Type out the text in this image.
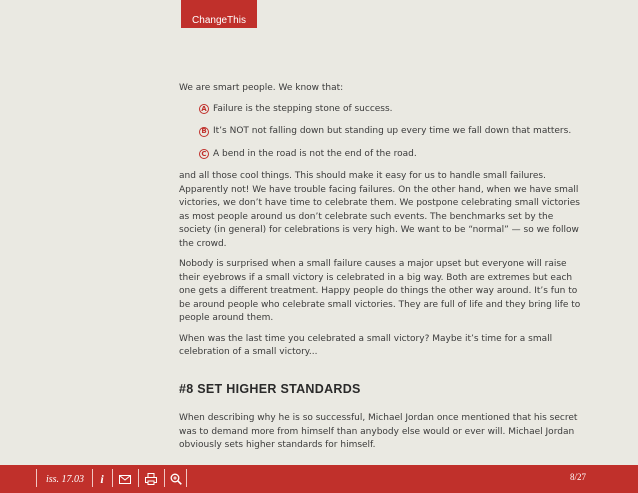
ChangeThis

We are smart people. We know that:

A Failure is the stepping stone of success.
B It’s NOT not falling down but standing up every time we fall down that matters.
C A bend in the road is not the end of the road.

and all those cool things. This should make it easy for us to handle small failures. Apparently not! We have trouble facing failures. On the other hand, when we have small victories, we don’t have time to celebrate them. We postpone celebrating small victories as most people around us don’t celebrate such events. The benchmarks set by the society (in general) for celebrations is very high. We want to be “normal” — so we follow the crowd.

Nobody is surprised when a small failure causes a major upset but everyone will raise their eyebrows if a small victory is celebrated in a big way. Both are extremes but each one gets a different treatment. Happy people do things the other way around. It’s fun to be around people who celebrate small victories. They are full of life and they bring life to people around them.

When was the last time you celebrated a small victory? Maybe it’s time for a small celebration of a small victory...

#8 SET HIGHER STANDARDS

When describing why he is so successful, Michael Jordan once mentioned that his secret was to demand more from himself than anybody else would or ever will. Michael Jordan obviously sets higher standards for himself.

iss. 17.03	i	8/27
